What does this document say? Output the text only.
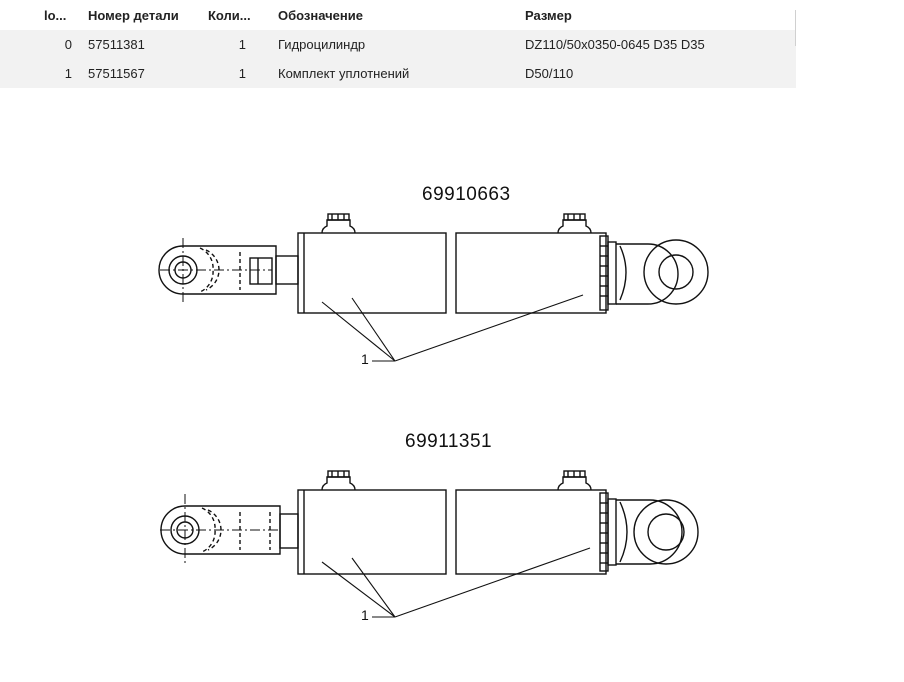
lo...	Номер детали	Коли...	Обозначение	Размер
0	57511381	1	Гидроцилиндр	DZ110/50x0350-0645 D35 D35
1	57511567	1	Комплект уплотнений	D50/110
69910663
69911351
1
1
